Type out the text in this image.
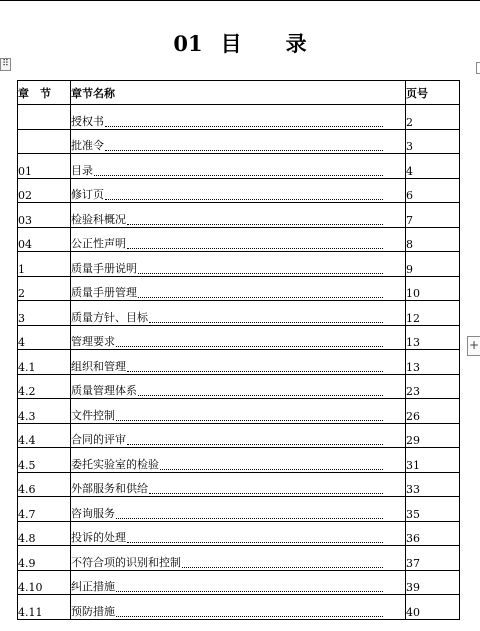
01 目 录
⠿
+
章　节	章节名称	页号

	授权书	2

	批准令	3
01	目录	4
02	修订页	6
03	检验科概况	7
04	公正性声明	8
1	质量手册说明	9
2	质量手册管理	10
3	质量方针、目标	12
4	管理要求	13
4.1	组织和管理	13
4.2	质量管理体系	23
4.3	文件控制	26
4.4	合同的评审	29
4.5	委托实验室的检验	31
4.6	外部服务和供给	33
4.7	咨询服务	35
4.8	投诉的处理	36
4.9	不符合项的识别和控制	37
4.10	纠正措施	39
4.11	预防措施	40
